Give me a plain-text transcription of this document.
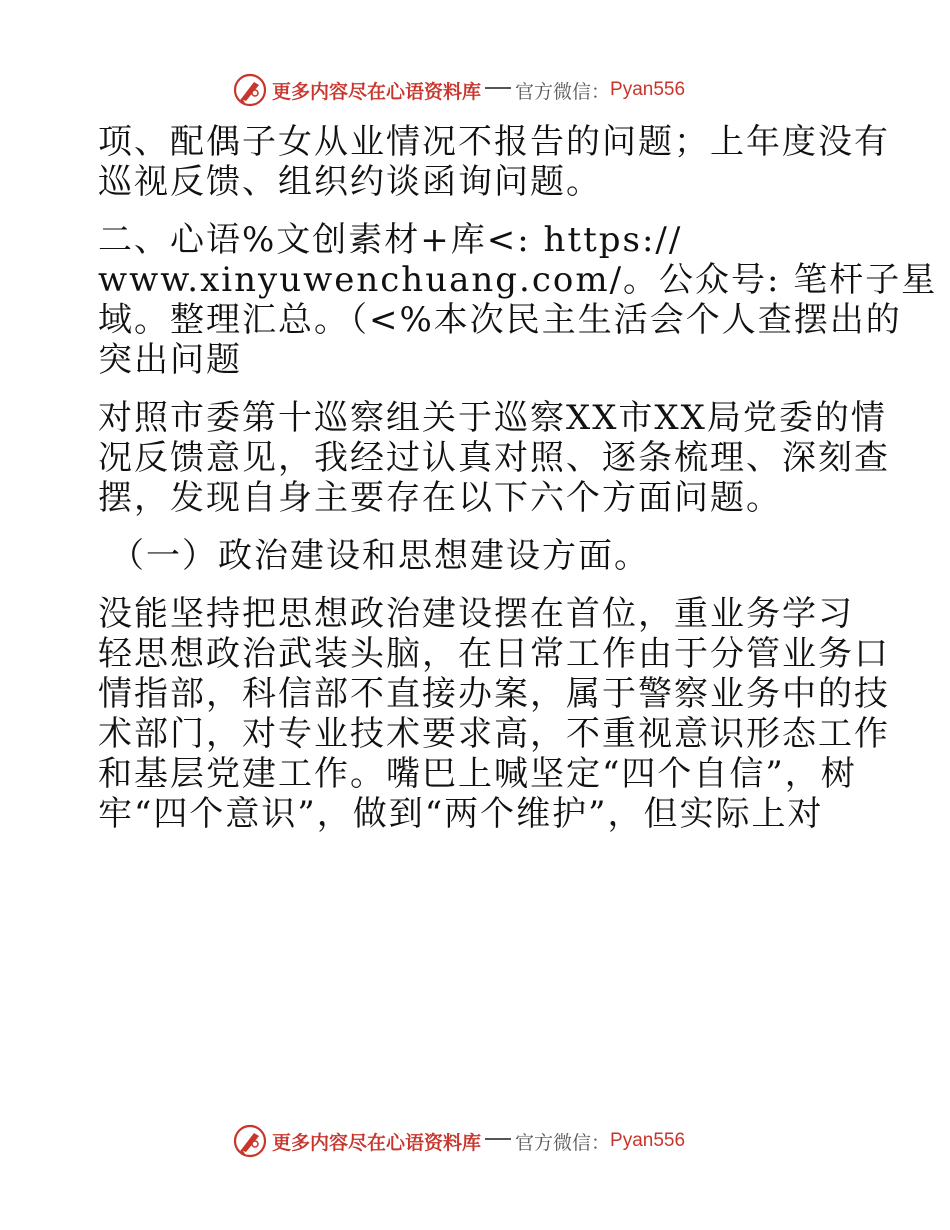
更多内容尽在心语资料库 官方微信： Pyan556

项、配偶子女从业情况不报告的问题；上年度没有

巡视反馈、组织约谈函询问题。

二、心语%文创素材+库<: https://

www.xinyuwenchuang.com/。公众号: 笔杆子星

域。整理汇总。（<%本次民主生活会个人查摆出的

突出问题

对照市委第十巡察组关于巡察XX市XX局党委的情

况反馈意见，我经过认真对照、逐条梳理、深刻查

摆，发现自身主要存在以下六个方面问题。

（一）政治建设和思想建设方面。

没能坚持把思想政治建设摆在首位，重业务学习

轻思想政治武装头脑，在日常工作由于分管业务口

情指部，科信部不直接办案，属于警察业务中的技

术部门，对专业技术要求高，不重视意识形态工作

和基层党建工作。嘴巴上喊坚定“四个自信”，树

牢“四个意识”，做到“两个维护”，但实际上对

更多内容尽在心语资料库 官方微信： Pyan556
